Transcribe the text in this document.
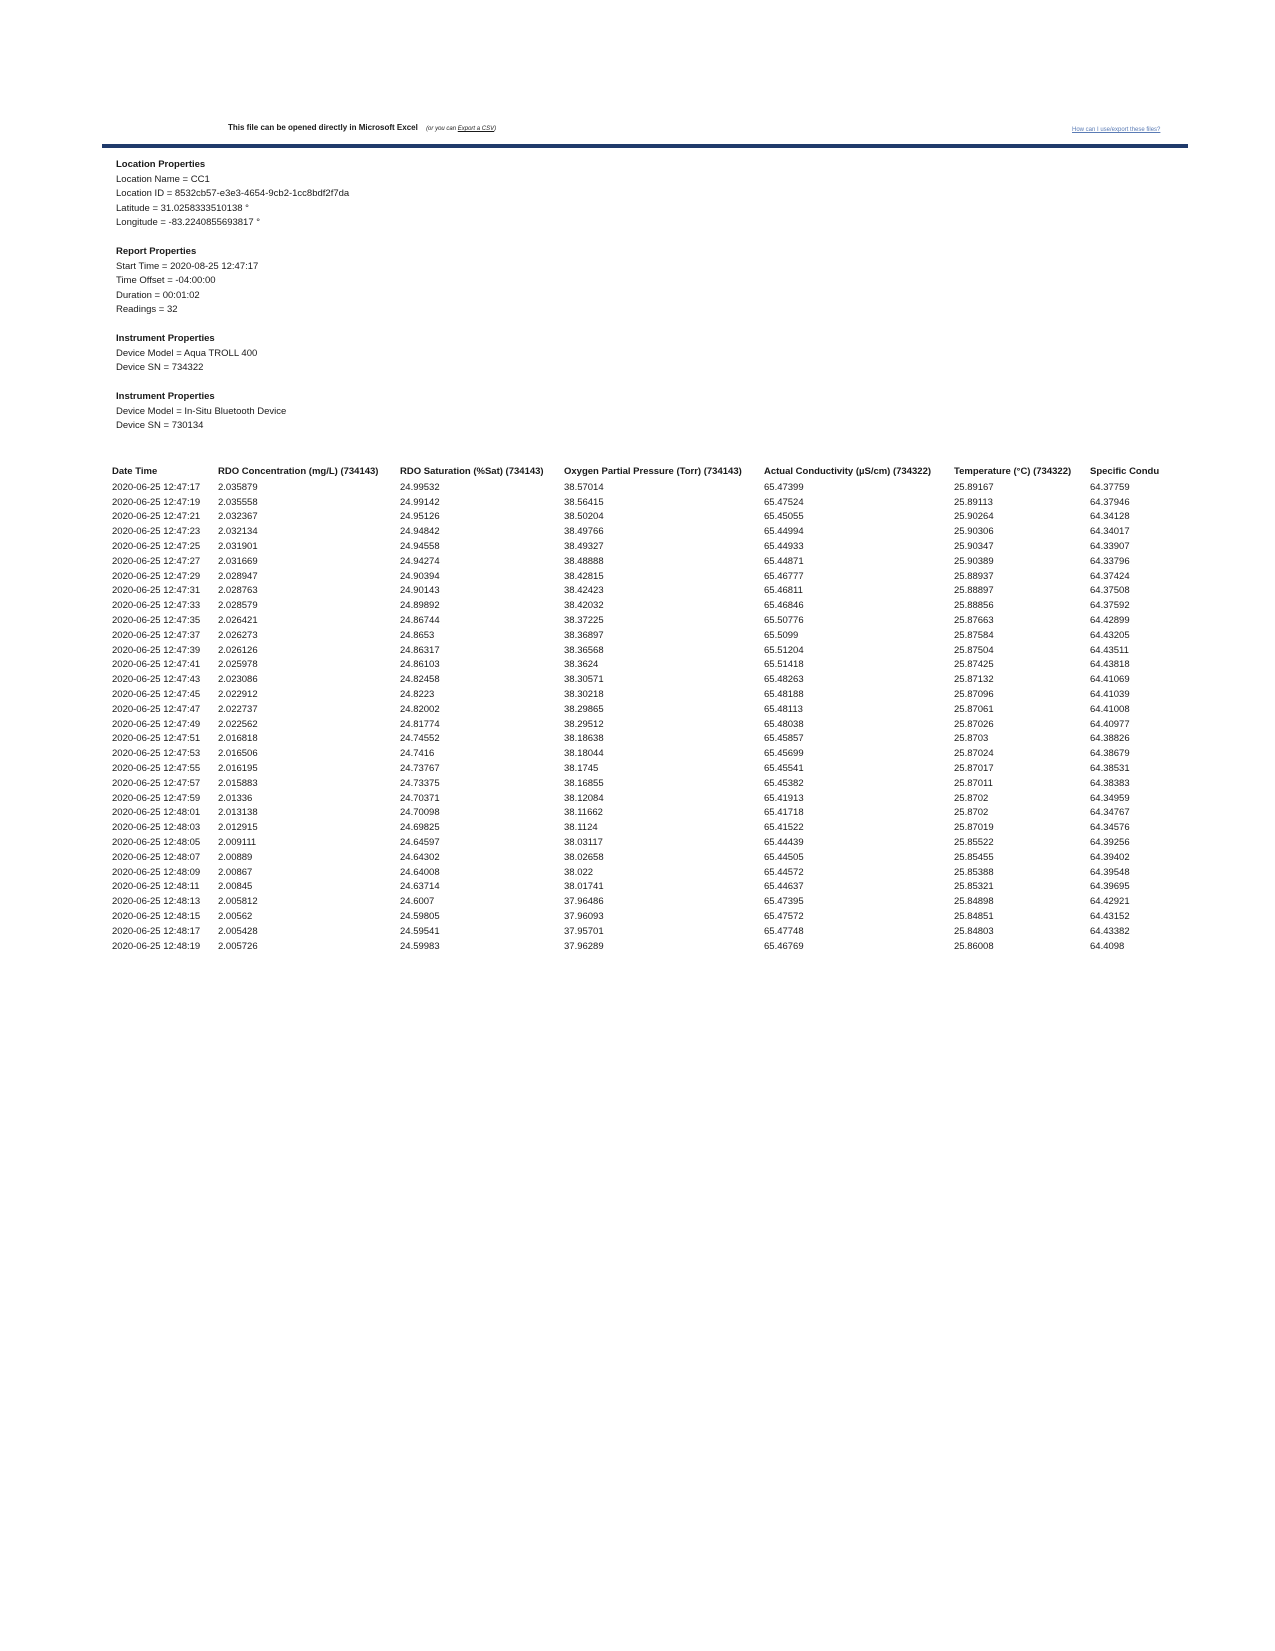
This file can be opened directly in Microsoft Excel (or you can Export a CSV)	How can I use/export these files?
Location Properties
Location Name = CC1
Location ID = 8532cb57-e3e3-4654-9cb2-1cc8bdf2f7da
Latitude = 31.0258333510138 °
Longitude = -83.2240855693817 °
Report Properties
Start Time = 2020-08-25 12:47:17
Time Offset = -04:00:00
Duration = 00:01:02
Readings = 32
Instrument Properties
Device Model = Aqua TROLL 400
Device SN = 734322
Instrument Properties
Device Model = In-Situ Bluetooth Device
Device SN = 730134
Date Time	RDO Concentration (mg/L) (734143)	RDO Saturation (%Sat) (734143)	Oxygen Partial Pressure (Torr) (734143)	Actual Conductivity (µS/cm) (734322)	Temperature (°C) (734322)	Specific Condu
2020-06-25 12:47:17	2.035879	24.99532	38.57014	65.47399	25.89167	64.37759
2020-06-25 12:47:19	2.035558	24.99142	38.56415	65.47524	25.89113	64.37946
2020-06-25 12:47:21	2.032367	24.95126	38.50204	65.45055	25.90264	64.34128
2020-06-25 12:47:23	2.032134	24.94842	38.49766	65.44994	25.90306	64.34017
2020-06-25 12:47:25	2.031901	24.94558	38.49327	65.44933	25.90347	64.33907
2020-06-25 12:47:27	2.031669	24.94274	38.48888	65.44871	25.90389	64.33796
2020-06-25 12:47:29	2.028947	24.90394	38.42815	65.46777	25.88937	64.37424
2020-06-25 12:47:31	2.028763	24.90143	38.42423	65.46811	25.88897	64.37508
2020-06-25 12:47:33	2.028579	24.89892	38.42032	65.46846	25.88856	64.37592
2020-06-25 12:47:35	2.026421	24.86744	38.37225	65.50776	25.87663	64.42899
2020-06-25 12:47:37	2.026273	24.8653	38.36897	65.5099	25.87584	64.43205
2020-06-25 12:47:39	2.026126	24.86317	38.36568	65.51204	25.87504	64.43511
2020-06-25 12:47:41	2.025978	24.86103	38.3624	65.51418	25.87425	64.43818
2020-06-25 12:47:43	2.023086	24.82458	38.30571	65.48263	25.87132	64.41069
2020-06-25 12:47:45	2.022912	24.8223	38.30218	65.48188	25.87096	64.41039
2020-06-25 12:47:47	2.022737	24.82002	38.29865	65.48113	25.87061	64.41008
2020-06-25 12:47:49	2.022562	24.81774	38.29512	65.48038	25.87026	64.40977
2020-06-25 12:47:51	2.016818	24.74552	38.18638	65.45857	25.8703	64.38826
2020-06-25 12:47:53	2.016506	24.7416	38.18044	65.45699	25.87024	64.38679
2020-06-25 12:47:55	2.016195	24.73767	38.1745	65.45541	25.87017	64.38531
2020-06-25 12:47:57	2.015883	24.73375	38.16855	65.45382	25.87011	64.38383
2020-06-25 12:47:59	2.01336	24.70371	38.12084	65.41913	25.8702	64.34959
2020-06-25 12:48:01	2.013138	24.70098	38.11662	65.41718	25.8702	64.34767
2020-06-25 12:48:03	2.012915	24.69825	38.1124	65.41522	25.87019	64.34576
2020-06-25 12:48:05	2.009111	24.64597	38.03117	65.44439	25.85522	64.39256
2020-06-25 12:48:07	2.00889	24.64302	38.02658	65.44505	25.85455	64.39402
2020-06-25 12:48:09	2.00867	24.64008	38.022	65.44572	25.85388	64.39548
2020-06-25 12:48:11	2.00845	24.63714	38.01741	65.44637	25.85321	64.39695
2020-06-25 12:48:13	2.005812	24.6007	37.96486	65.47395	25.84898	64.42921
2020-06-25 12:48:15	2.00562	24.59805	37.96093	65.47572	25.84851	64.43152
2020-06-25 12:48:17	2.005428	24.59541	37.95701	65.47748	25.84803	64.43382
2020-06-25 12:48:19	2.005726	24.59983	37.96289	65.46769	25.86008	64.4098
